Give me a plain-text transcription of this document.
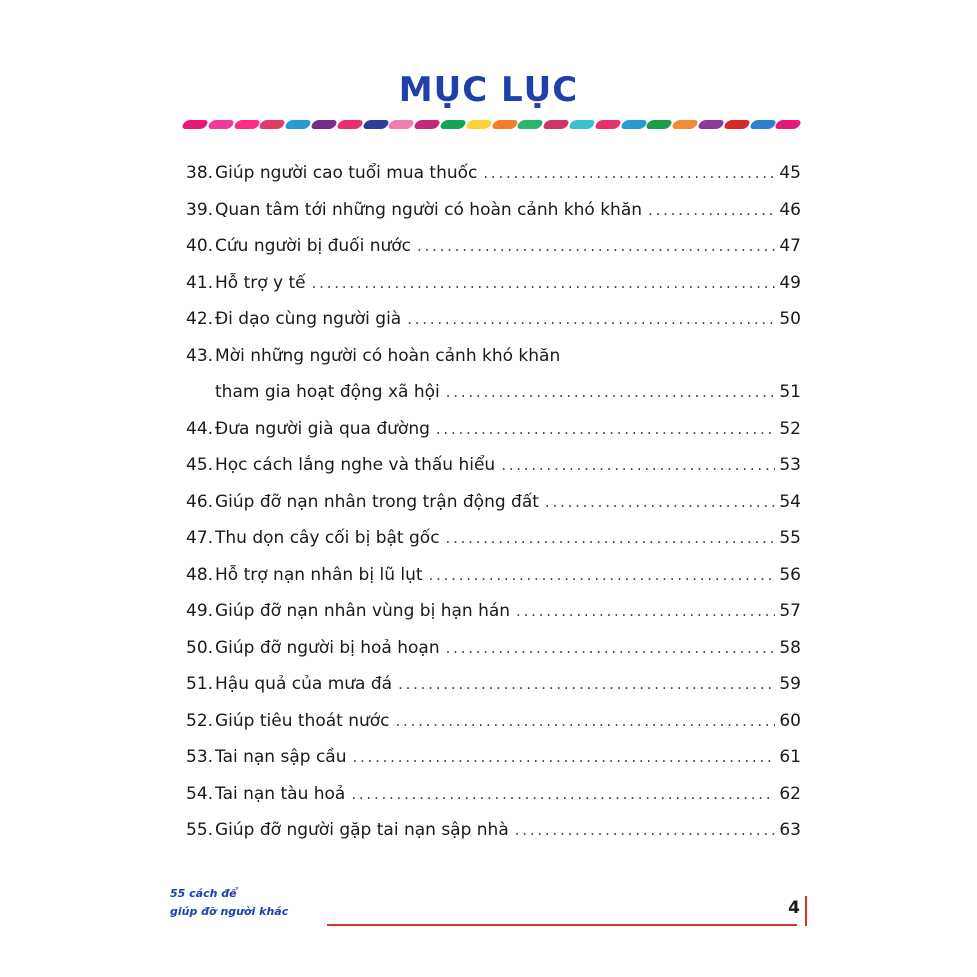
MỤC LỤC
38. Giúp người cao tuổi mua thuốc . . .	45
39. Quan tâm tới những người có hoàn cảnh khó khăn . . .	46
40. Cứu người bị đuối nước . . .	47
41. Hỗ trợ y tế . . .	49
42. Đi dạo cùng người già . . .	50
43. Mời những người có hoàn cảnh khó khăn
tham gia hoạt động xã hội . . .	51
44. Đưa người già qua đường . . .	52
45. Học cách lắng nghe và thấu hiểu . . .	53
46. Giúp đỡ nạn nhân trong trận động đất . . .	54
47. Thu dọn cây cối bị bật gốc . . .	55
48. Hỗ trợ nạn nhân bị lũ lụt . . .	56
49. Giúp đỡ nạn nhân vùng bị hạn hán . . .	57
50. Giúp đỡ người bị hoả hoạn . . .	58
51. Hậu quả của mưa đá . . .	59
52. Giúp tiêu thoát nước . . .	60
53. Tai nạn sập cầu . . .	61
54. Tai nạn tàu hoả . . .	62
55. Giúp đỡ người gặp tai nạn sập nhà . . .	63
55 cách để
giúp đỡ người khác	4
